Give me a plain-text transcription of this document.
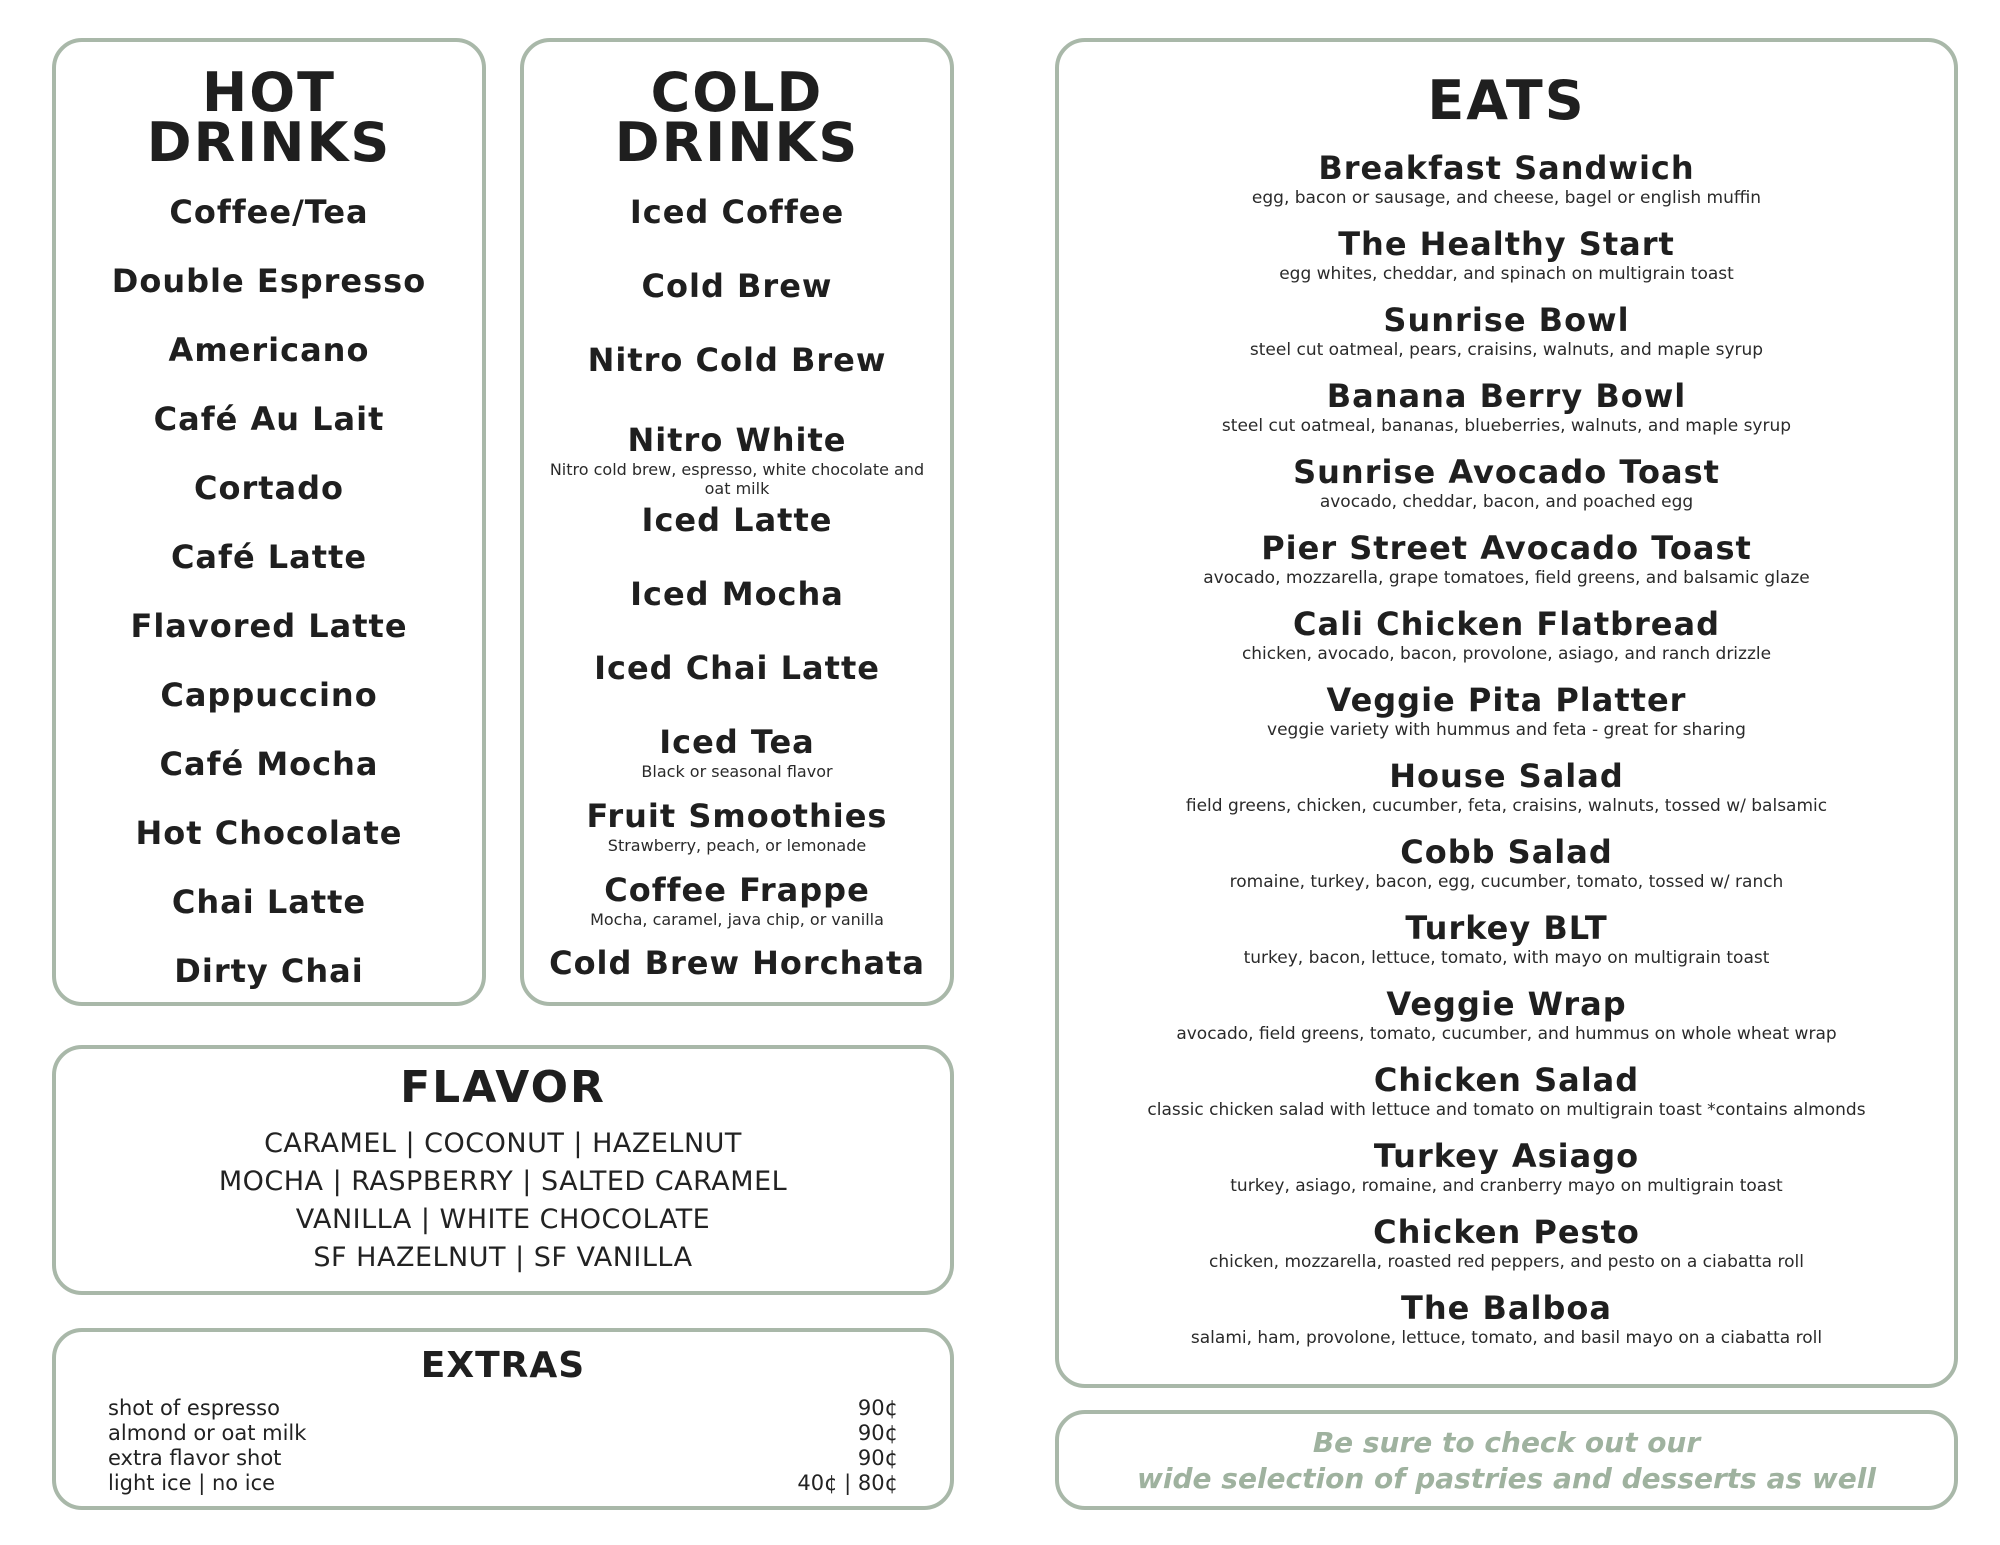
HOT
DRINKS
Coffee/Tea
Double Espresso
Americano
Café Au Lait
Cortado
Café Latte
Flavored Latte
Cappuccino
Café Mocha
Hot Chocolate
Chai Latte
Dirty Chai
COLD
DRINKS
Iced Coffee
Cold Brew
Nitro Cold Brew
Nitro White
Nitro cold brew, espresso, white chocolate and oat milk
Iced Latte
Iced Mocha
Iced Chai Latte
Iced Tea
Black or seasonal flavor
Fruit Smoothies
Strawberry, peach, or lemonade
Coffee Frappe
Mocha, caramel, java chip, or vanilla
Cold Brew Horchata
FLAVOR
CARAMEL | COCONUT | HAZELNUT
MOCHA | RASPBERRY | SALTED CARAMEL
VANILLA | WHITE CHOCOLATE
SF HAZELNUT | SF VANILLA
EXTRAS
shot of espresso	90¢
almond or oat milk	90¢
extra flavor shot	90¢
light ice | no ice	40¢ | 80¢
EATS
Breakfast Sandwich
egg, bacon or sausage, and cheese, bagel or english muffin
The Healthy Start
egg whites, cheddar, and spinach on multigrain toast
Sunrise Bowl
steel cut oatmeal, pears, craisins, walnuts, and maple syrup
Banana Berry Bowl
steel cut oatmeal, bananas, blueberries, walnuts, and maple syrup
Sunrise Avocado Toast
avocado, cheddar, bacon, and poached egg
Pier Street Avocado Toast
avocado, mozzarella, grape tomatoes, field greens, and balsamic glaze
Cali Chicken Flatbread
chicken, avocado, bacon, provolone, asiago, and ranch drizzle
Veggie Pita Platter
veggie variety with hummus and feta - great for sharing
House Salad
field greens, chicken, cucumber, feta, craisins, walnuts, tossed w/ balsamic
Cobb Salad
romaine, turkey, bacon, egg, cucumber, tomato, tossed w/ ranch
Turkey BLT
turkey, bacon, lettuce, tomato, with mayo on multigrain toast
Veggie Wrap
avocado, field greens, tomato, cucumber, and hummus on whole wheat wrap
Chicken Salad
classic chicken salad with lettuce and tomato on multigrain toast *contains almonds
Turkey Asiago
turkey, asiago, romaine, and cranberry mayo on multigrain toast
Chicken Pesto
chicken, mozzarella, roasted red peppers, and pesto on a ciabatta roll
The Balboa
salami, ham, provolone, lettuce, tomato, and basil mayo on a ciabatta roll
Be sure to check out our
wide selection of pastries and desserts as well
